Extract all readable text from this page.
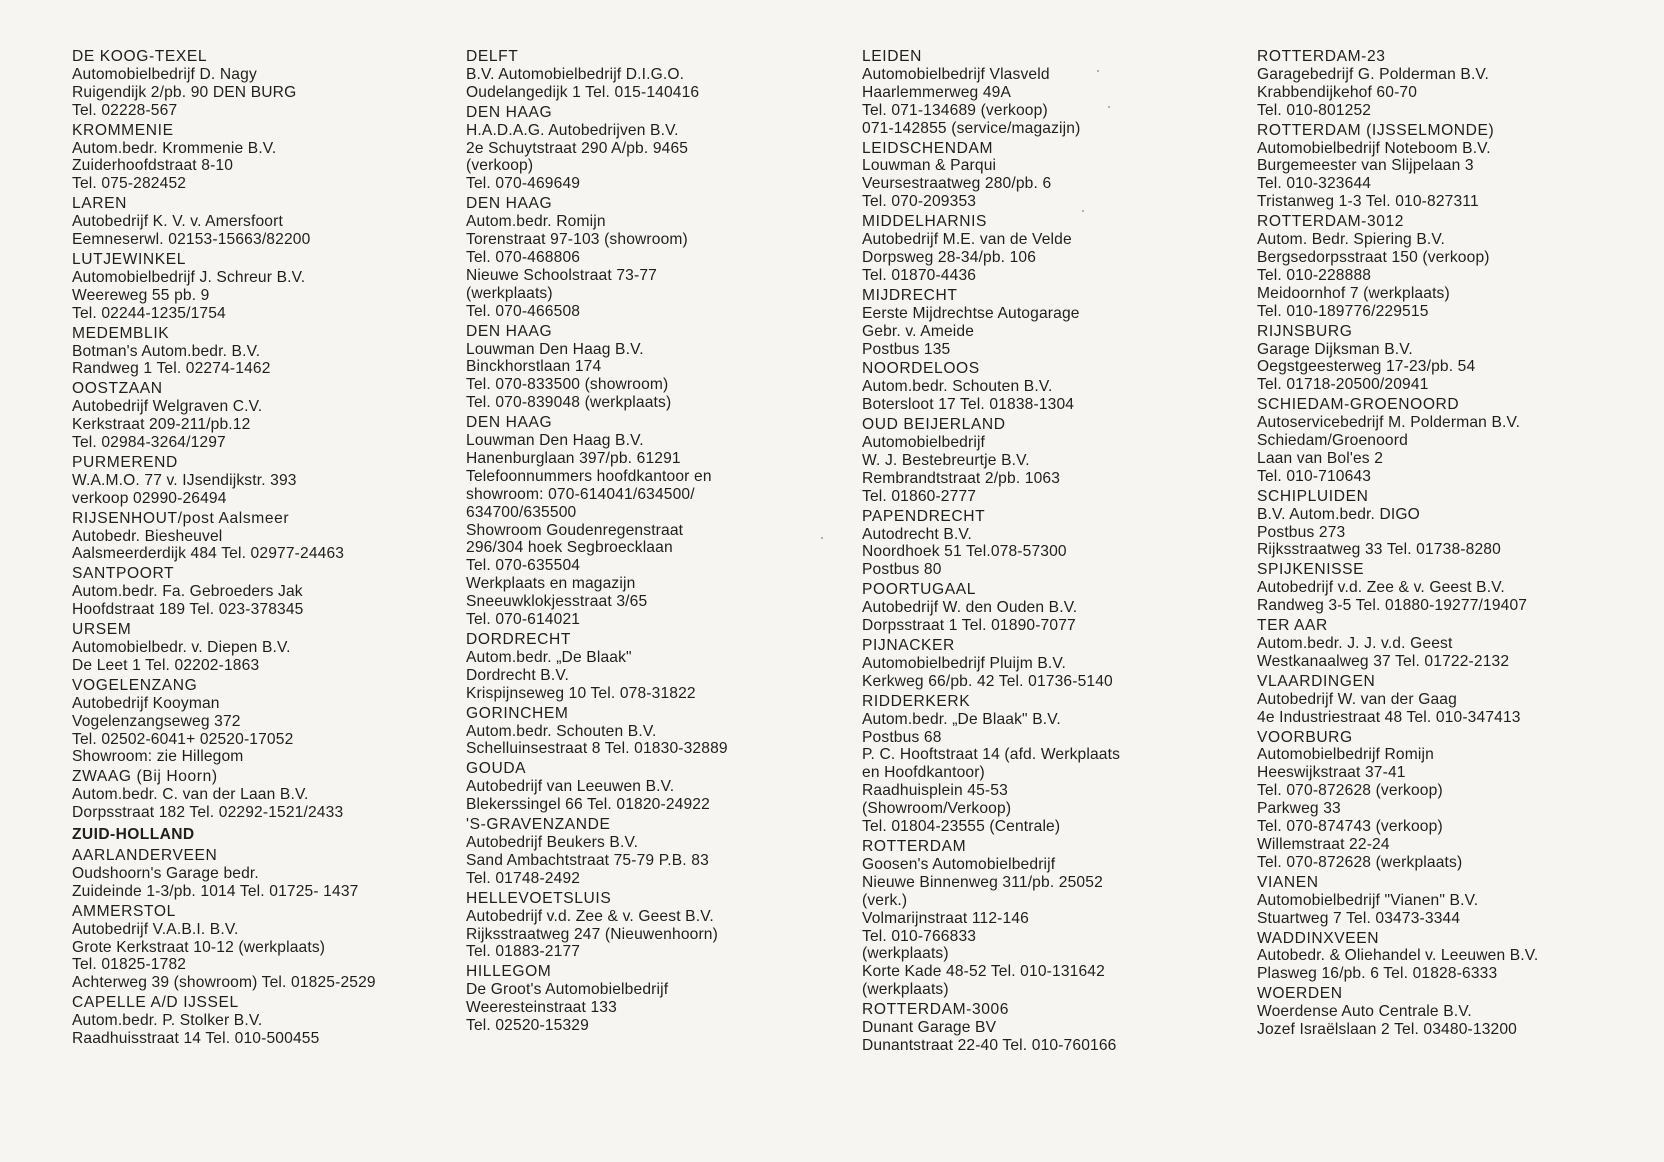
DE KOOG-TEXEL
Automobielbedrijf D. Nagy
Ruigendijk 2/pb. 90 DEN BURG
Tel. 02228-567
KROMMENIE
Autom.bedr. Krommenie B.V.
Zuiderhoofdstraat 8-10
Tel. 075-282452
LAREN
Autobedrijf K. V. v. Amersfoort
Eemneserwl. 02153-15663/82200
LUTJEWINKEL
Automobielbedrijf J. Schreur B.V.
Weereweg 55 pb. 9
Tel. 02244-1235/1754
MEDEMBLIK
Botman's Autom.bedr. B.V.
Randweg 1 Tel. 02274-1462
OOSTZAAN
Autobedrijf Welgraven C.V.
Kerkstraat 209-211/pb.12
Tel. 02984-3264/1297
PURMEREND
W.A.M.O. 77 v. IJsendijkstr. 393
verkoop 02990-26494
RIJSENHOUT/post Aalsmeer
Autobedr. Biesheuvel
Aalsmeerderdijk 484 Tel. 02977-24463
SANTPOORT
Autom.bedr. Fa. Gebroeders Jak
Hoofdstraat 189 Tel. 023-378345
URSEM
Automobielbedr. v. Diepen B.V.
De Leet 1 Tel. 02202-1863
VOGELENZANG
Autobedrijf Kooyman
Vogelenzangseweg 372
Tel. 02502-6041+ 02520-17052
Showroom: zie Hillegom
ZWAAG (Bij Hoorn)
Autom.bedr. C. van der Laan B.V.
Dorpsstraat 182 Tel. 02292-1521/2433
ZUID-HOLLAND
AARLANDERVEEN
Oudshoorn's Garage bedr.
Zuideinde 1-3/pb. 1014 Tel. 01725- 1437
AMMERSTOL
Autobedrijf V.A.B.I. B.V.
Grote Kerkstraat 10-12 (werkplaats)
Tel. 01825-1782
Achterweg 39 (showroom) Tel. 01825-2529
CAPELLE A/D IJSSEL
Autom.bedr. P. Stolker B.V.
Raadhuisstraat 14 Tel. 010-500455
DELFT
B.V. Automobielbedrijf D.I.G.O.
Oudelangedijk 1 Tel. 015-140416
DEN HAAG
H.A.D.A.G. Autobedrijven B.V.
2e Schuytstraat 290 A/pb. 9465
(verkoop)
Tel. 070-469649
DEN HAAG
Autom.bedr. Romijn
Torenstraat 97-103 (showroom)
Tel. 070-468806
Nieuwe Schoolstraat 73-77
(werkplaats)
Tel. 070-466508
DEN HAAG
Louwman Den Haag B.V.
Binckhorstlaan 174
Tel. 070-833500 (showroom)
Tel. 070-839048 (werkplaats)
DEN HAAG
Louwman Den Haag B.V.
Hanenburglaan 397/pb. 61291
Telefoonnummers hoofdkantoor en
showroom: 070-614041/634500/
634700/635500
Showroom Goudenregenstraat
296/304 hoek Segbroecklaan
Tel. 070-635504
Werkplaats en magazijn
Sneeuwklokjesstraat 3/65
Tel. 070-614021
DORDRECHT
Autom.bedr. „De Blaak"
Dordrecht B.V.
Krispijnseweg 10 Tel. 078-31822
GORINCHEM
Autom.bedr. Schouten B.V.
Schelluinsestraat 8 Tel. 01830-32889
GOUDA
Autobedrijf van Leeuwen B.V.
Blekerssingel 66 Tel. 01820-24922
'S-GRAVENZANDE
Autobedrijf Beukers B.V.
Sand Ambachtstraat 75-79 P.B. 83
Tel. 01748-2492
HELLEVOETSLUIS
Autobedrijf v.d. Zee & v. Geest B.V.
Rijksstraatweg 247 (Nieuwenhoorn)
Tel. 01883-2177
HILLEGOM
De Groot's Automobielbedrijf
Weeresteinstraat 133
Tel. 02520-15329
LEIDEN
Automobielbedrijf Vlasveld
Haarlemmerweg 49A
Tel. 071-134689 (verkoop)
071-142855 (service/magazijn)
LEIDSCHENDAM
Louwman & Parqui
Veursestraatweg 280/pb. 6
Tel. 070-209353
MIDDELHARNIS
Autobedrijf M.E. van de Velde
Dorpsweg 28-34/pb. 106
Tel. 01870-4436
MIJDRECHT
Eerste Mijdrechtse Autogarage
Gebr. v. Ameide
Postbus 135
NOORDELOOS
Autom.bedr. Schouten B.V.
Botersloot 17 Tel. 01838-1304
OUD BEIJERLAND
Automobielbedrijf
W. J. Bestebreurtje B.V.
Rembrandtstraat 2/pb. 1063
Tel. 01860-2777
PAPENDRECHT
Autodrecht B.V.
Noordhoek 51 Tel.078-57300
Postbus 80
POORTUGAAL
Autobedrijf W. den Ouden B.V.
Dorpsstraat 1 Tel. 01890-7077
PIJNACKER
Automobielbedrijf Pluijm B.V.
Kerkweg 66/pb. 42 Tel. 01736-5140
RIDDERKERK
Autom.bedr. „De Blaak" B.V.
Postbus 68
P. C. Hooftstraat 14 (afd. Werkplaats
en Hoofdkantoor)
Raadhuisplein 45-53
(Showroom/Verkoop)
Tel. 01804-23555 (Centrale)
ROTTERDAM
Goosen's Automobielbedrijf
Nieuwe Binnenweg 311/pb. 25052
(verk.)
Volmarijnstraat 112-146
Tel. 010-766833
(werkplaats)
Korte Kade 48-52 Tel. 010-131642
(werkplaats)
ROTTERDAM-3006
Dunant Garage BV
Dunantstraat 22-40 Tel. 010-760166
ROTTERDAM-23
Garagebedrijf G. Polderman B.V.
Krabbendijkehof 60-70
Tel. 010-801252
ROTTERDAM (IJSSELMONDE)
Automobielbedrijf Noteboom B.V.
Burgemeester van Slijpelaan 3
Tel. 010-323644
Tristanweg 1-3 Tel. 010-827311
ROTTERDAM-3012
Autom. Bedr. Spiering B.V.
Bergsedorpsstraat 150 (verkoop)
Tel. 010-228888
Meidoornhof 7 (werkplaats)
Tel. 010-189776/229515
RIJNSBURG
Garage Dijksman B.V.
Oegstgeesterweg 17-23/pb. 54
Tel. 01718-20500/20941
SCHIEDAM-GROENOORD
Autoservicebedrijf M. Polderman B.V.
Schiedam/Groenoord
Laan van Bol'es 2
Tel. 010-710643
SCHIPLUIDEN
B.V. Autom.bedr. DIGO
Postbus 273
Rijksstraatweg 33 Tel. 01738-8280
SPIJKENISSE
Autobedrijf v.d. Zee & v. Geest B.V.
Randweg 3-5 Tel. 01880-19277/19407
TER AAR
Autom.bedr. J. J. v.d. Geest
Westkanaalweg 37 Tel. 01722-2132
VLAARDINGEN
Autobedrijf W. van der Gaag
4e Industriestraat 48 Tel. 010-347413
VOORBURG
Automobielbedrijf Romijn
Heeswijkstraat 37-41
Tel. 070-872628 (verkoop)
Parkweg 33
Tel. 070-874743 (verkoop)
Willemstraat 22-24
Tel. 070-872628 (werkplaats)
VIANEN
Automobielbedrijf "Vianen" B.V.
Stuartweg 7 Tel. 03473-3344
WADDINXVEEN
Autobedr. & Oliehandel v. Leeuwen B.V.
Plasweg 16/pb. 6 Tel. 01828-6333
WOERDEN
Woerdense Auto Centrale B.V.
Jozef Israëlslaan 2 Tel. 03480-13200
